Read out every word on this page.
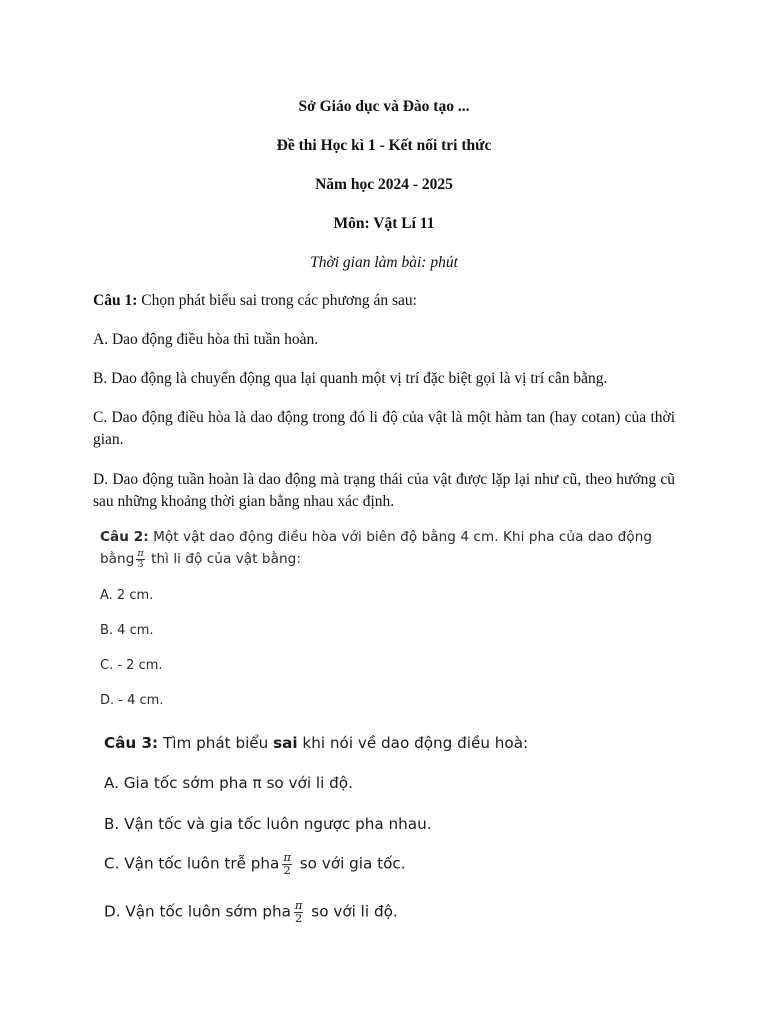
Sở Giáo dục và Đào tạo ...
Đề thi Học kì 1 - Kết nối tri thức
Năm học 2024 - 2025
Môn: Vật Lí 11
Thời gian làm bài: phút
Câu 1: Chọn phát biểu sai trong các phương án sau:
A. Dao động điều hòa thì tuần hoàn.
B. Dao động là chuyển động qua lại quanh một vị trí đặc biệt gọi là vị trí cân bằng.
C. Dao động điều hòa là dao động trong đó li độ của vật là một hàm tan (hay cotan) của thời gian.
D. Dao động tuần hoàn là dao động mà trạng thái của vật được lặp lại như cũ, theo hướng cũ sau những khoảng thời gian bằng nhau xác định.
Câu 2: Một vật dao động điều hòa với biên độ bằng 4 cm. Khi pha của dao động bằng $\frac{\pi}{3}$ thì li độ của vật bằng:
A. 2 cm.
B. 4 cm.
C. - 2 cm.
D. - 4 cm.
Câu 3: Tìm phát biểu sai khi nói về dao động điều hoà:
A. Gia tốc sớm pha π so với li độ.
B. Vận tốc và gia tốc luôn ngược pha nhau.
C. Vận tốc luôn trễ pha $\frac{\pi}{2}$ so với gia tốc.
D. Vận tốc luôn sớm pha $\frac{\pi}{2}$ so với li độ.
